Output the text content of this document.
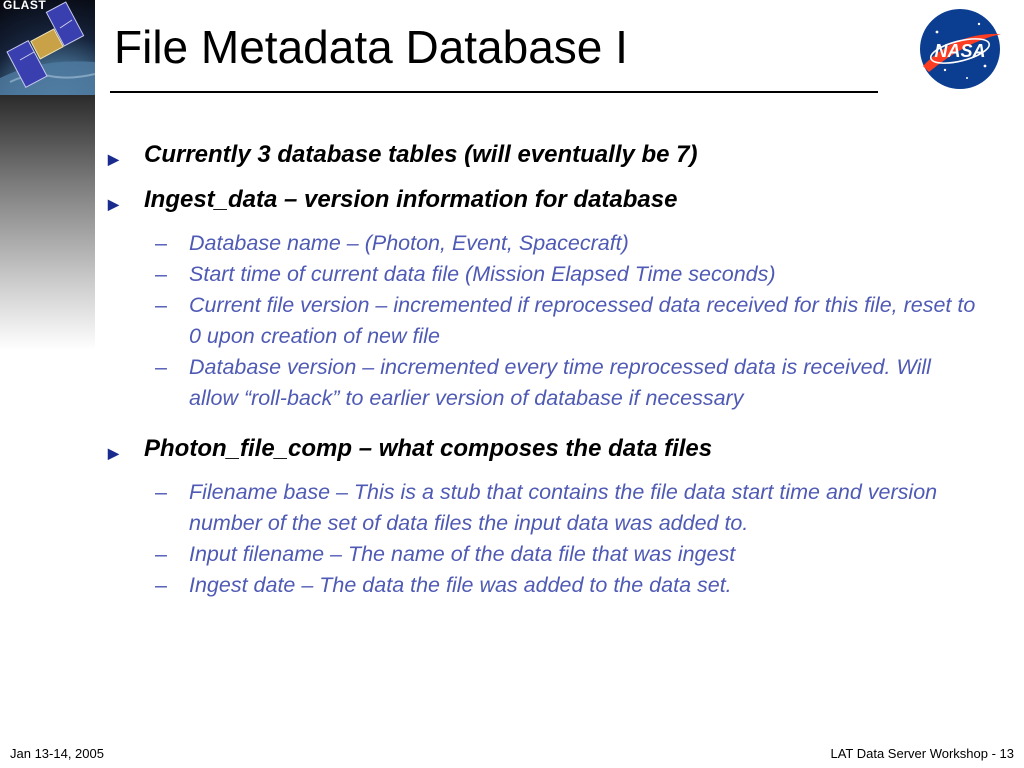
GLAST
File Metadata Database I	NASA
▶ Currently 3 database tables (will eventually be 7)
▶ Ingest_data – version information for database
– Database name – (Photon, Event, Spacecraft)
– Start time of current data file (Mission Elapsed Time seconds)
– Current file version – incremented if reprocessed data received for this file, reset to 0 upon creation of new file
– Database version – incremented every time reprocessed data is received. Will allow “roll-back” to earlier version of database if necessary
▶ Photon_file_comp – what composes the data files
– Filename base – This is a stub that contains the file data start time and version number of the set of data files the input data was added to.
– Input filename – The name of the data file that was ingest
– Ingest date – The data the file was added to the data set.
Jan 13-14, 2005	LAT Data Server Workshop - 13
